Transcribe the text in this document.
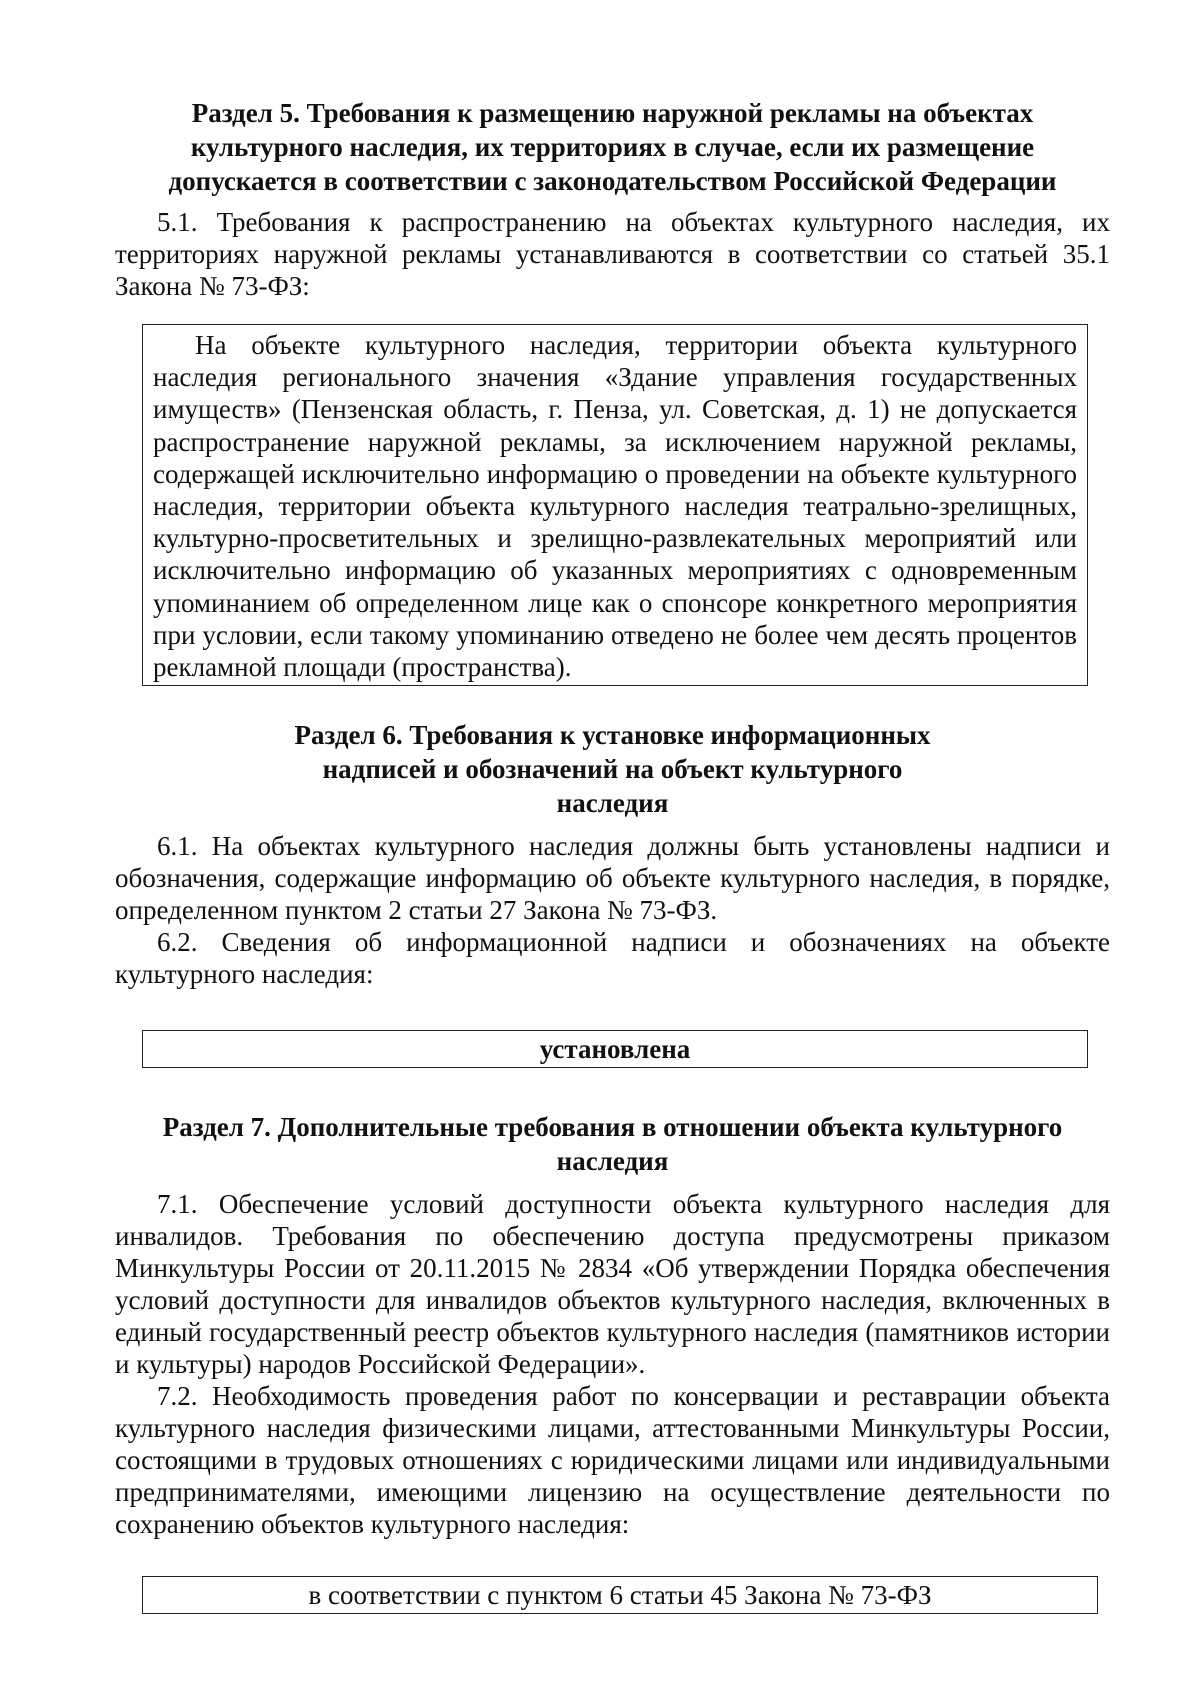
Раздел 5. Требования к размещению наружной рекламы на объектах культурного наследия, их территориях в случае, если их размещение допускается в соответствии с законодательством Российской Федерации

5.1. Требования к распространению на объектах культурного наследия, их территориях наружной рекламы устанавливаются в соответствии со статьей 35.1 Закона № 73-ФЗ:

На объекте культурного наследия, территории объекта культурного наследия регионального значения «Здание управления государственных имуществ» (Пензенская область, г. Пенза, ул. Советская, д. 1) не допускается распространение наружной рекламы, за исключением наружной рекламы, содержащей исключительно информацию о проведении на объекте культурного наследия, территории объекта культурного наследия театрально-зрелищных, культурно-просветительных и зрелищно-развлекательных мероприятий или исключительно информацию об указанных мероприятиях с одновременным упоминанием об определенном лице как о спонсоре конкретного мероприятия при условии, если такому упоминанию отведено не более чем десять процентов рекламной площади (пространства).

Раздел 6. Требования к установке информационных надписей и обозначений на объект культурного наследия

6.1. На объектах культурного наследия должны быть установлены надписи и обозначения, содержащие информацию об объекте культурного наследия, в порядке, определенном пунктом 2 статьи 27 Закона № 73-ФЗ.

6.2. Сведения об информационной надписи и обозначениях на объекте культурного наследия:

установлена

Раздел 7. Дополнительные требования в отношении объекта культурного наследия

7.1. Обеспечение условий доступности объекта культурного наследия для инвалидов. Требования по обеспечению доступа предусмотрены приказом Минкультуры России от 20.11.2015 № 2834 «Об утверждении Порядка обеспечения условий доступности для инвалидов объектов культурного наследия, включенных в единый государственный реестр объектов культурного наследия (памятников истории и культуры) народов Российской Федерации».

7.2. Необходимость проведения работ по консервации и реставрации объекта культурного наследия физическими лицами, аттестованными Минкультуры России, состоящими в трудовых отношениях с юридическими лицами или индивидуальными предпринимателями, имеющими лицензию на осуществление деятельности по сохранению объектов культурного наследия:

в соответствии с пунктом 6 статьи 45 Закона № 73-ФЗ
